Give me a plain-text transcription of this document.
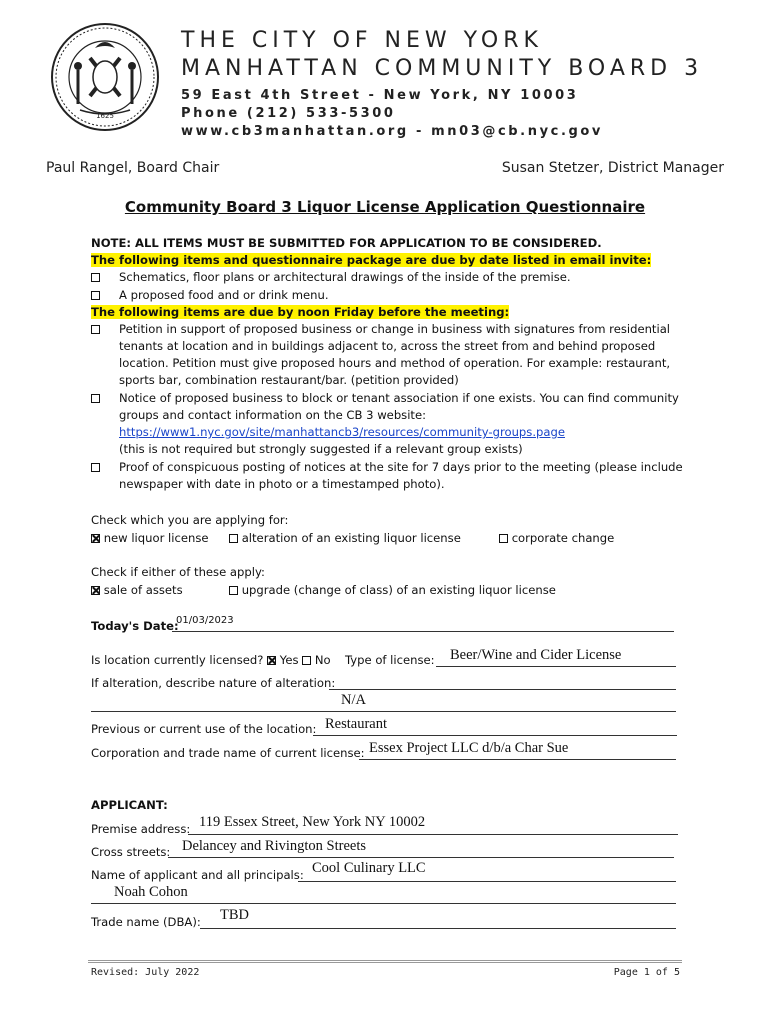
1625
THE CITY OF NEW YORK
MANHATTAN COMMUNITY BOARD 3
59 East 4th Street - New York, NY 10003
Phone (212) 533-5300
www.cb3manhattan.org - mn03@cb.nyc.gov
Paul Rangel, Board Chair	Susan Stetzer, District Manager
Community Board 3 Liquor License Application Questionnaire
NOTE: ALL ITEMS MUST BE SUBMITTED FOR APPLICATION TO BE CONSIDERED.
The following items and questionnaire package are due by date listed in email invite:
Schematics, floor plans or architectural drawings of the inside of the premise.
A proposed food and or drink menu.
The following items are due by noon Friday before the meeting:
Petition in support of proposed business or change in business with signatures from residential
tenants at location and in buildings adjacent to, across the street from and behind proposed
location. Petition must give proposed hours and method of operation. For example: restaurant,
sports bar, combination restaurant/bar. (petition provided)
Notice of proposed business to block or tenant association if one exists. You can find community
groups and contact information on the CB 3 website:
https://www1.nyc.gov/site/manhattancb3/resources/community-groups.page
(this is not required but strongly suggested if a relevant group exists)
Proof of conspicuous posting of notices at the site for 7 days prior to the meeting (please include
newspaper with date in photo or a timestamped photo).
Check which you are applying for:
new liquor license	alteration of an existing liquor license	corporate change
Check if either of these apply:
sale of assets	upgrade (change of class) of an existing liquor license
Today's Date:
01/03/2023
Is location currently licensed? Yes No Type of license: Beer/Wine and Cider License
If alteration, describe nature of alteration:
N/A
Previous or current use of the location: Restaurant
Corporation and trade name of current license: Essex Project LLC d/b/a Char Sue
APPLICANT:
Premise address: 119 Essex Street, New York NY 10002
Cross streets: Delancey and Rivington Streets
Name of applicant and all principals: Cool Culinary LLC
Noah Cohon
Trade name (DBA): TBD
Revised: July 2022	Page 1 of 5
